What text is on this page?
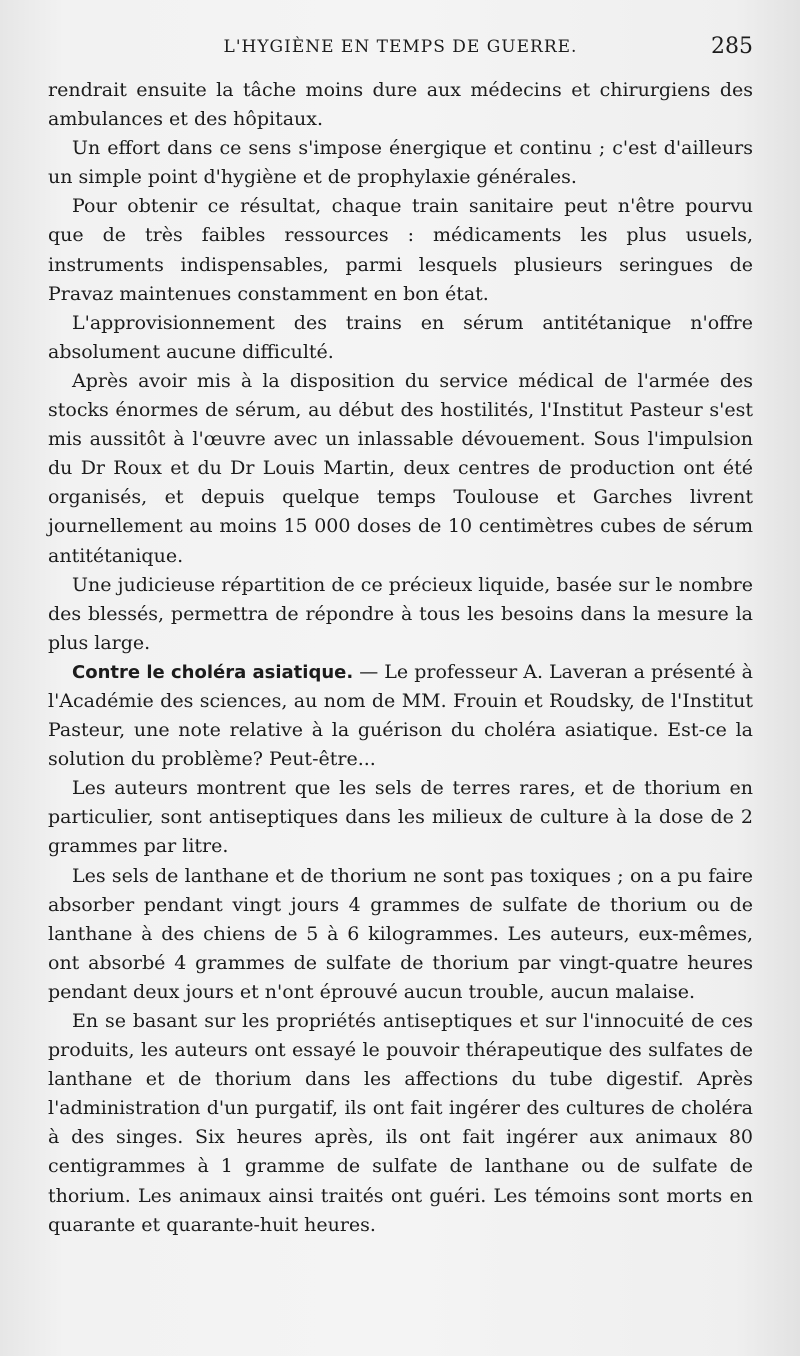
L'HYGIÈNE EN TEMPS DE GUERRE.	285

rendrait ensuite la tâche moins dure aux médecins et chirurgiens des ambulances et des hôpitaux.

Un effort dans ce sens s'impose énergique et continu ; c'est d'ailleurs un simple point d'hygiène et de prophylaxie générales.

Pour obtenir ce résultat, chaque train sanitaire peut n'être pourvu que de très faibles ressources : médicaments les plus usuels, instruments indispensables, parmi lesquels plusieurs seringues de Pravaz maintenues constamment en bon état.

L'approvisionnement des trains en sérum antitétanique n'offre absolument aucune difficulté.

Après avoir mis à la disposition du service médical de l'armée des stocks énormes de sérum, au début des hostilités, l'Institut Pasteur s'est mis aussitôt à l'œuvre avec un inlassable dévouement. Sous l'impulsion du Dr Roux et du Dr Louis Martin, deux centres de production ont été organisés, et depuis quelque temps Toulouse et Garches livrent journellement au moins 15 000 doses de 10 centimètres cubes de sérum antitétanique.

Une judicieuse répartition de ce précieux liquide, basée sur le nombre des blessés, permettra de répondre à tous les besoins dans la mesure la plus large.

Contre le choléra asiatique. — Le professeur A. Laveran a présenté à l'Académie des sciences, au nom de MM. Frouin et Roudsky, de l'Institut Pasteur, une note relative à la guérison du choléra asiatique. Est-ce la solution du problème? Peut-être...

Les auteurs montrent que les sels de terres rares, et de thorium en particulier, sont antiseptiques dans les milieux de culture à la dose de 2 grammes par litre.

Les sels de lanthane et de thorium ne sont pas toxiques ; on a pu faire absorber pendant vingt jours 4 grammes de sulfate de thorium ou de lanthane à des chiens de 5 à 6 kilogrammes. Les auteurs, eux-mêmes, ont absorbé 4 grammes de sulfate de thorium par vingt-quatre heures pendant deux jours et n'ont éprouvé aucun trouble, aucun malaise.

En se basant sur les propriétés antiseptiques et sur l'innocuité de ces produits, les auteurs ont essayé le pouvoir thérapeutique des sulfates de lanthane et de thorium dans les affections du tube digestif. Après l'administration d'un purgatif, ils ont fait ingérer des cultures de choléra à des singes. Six heures après, ils ont fait ingérer aux animaux 80 centigrammes à 1 gramme de sulfate de lanthane ou de sulfate de thorium. Les animaux ainsi traités ont guéri. Les témoins sont morts en quarante et quarante-huit heures.
